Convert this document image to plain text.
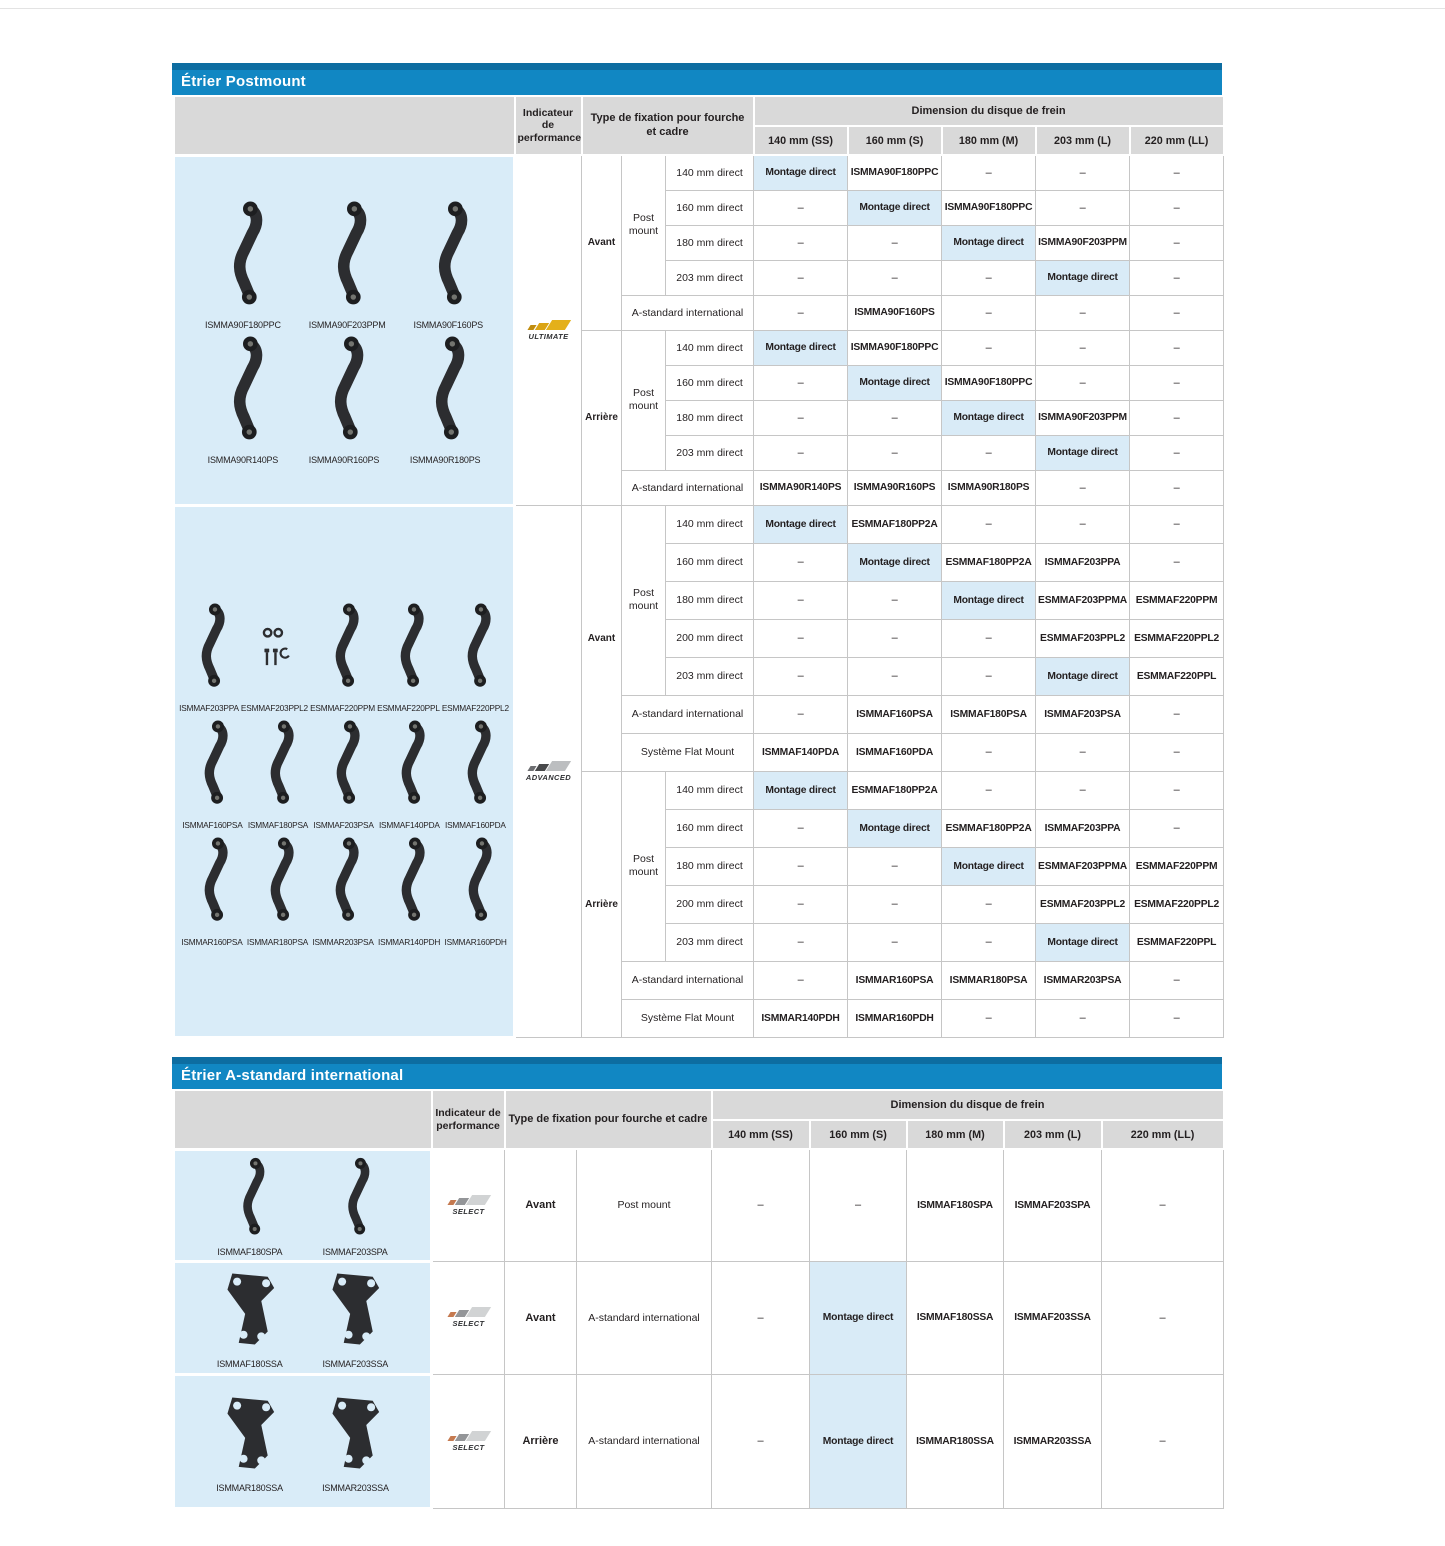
Étrier Postmount
	Indicateur de performance	Type de fixation pour fourche et cadre			Dimension du disque de frein				
					140 mm (SS)	160 mm (S)	180 mm (M)	203 mm (L)	220 mm (LL)

ISMMA90F180PPC	ISMMA90F203PPM	ISMMA90F160PS
ISMMA90R140PS	ISMMA90R160PS	ISMMA90R180PS

ULTIMATE
	Avant	Post mount	140 mm direct	Montage direct	ISMMA90F180PPC	–	–	–
				160 mm direct	–	Montage direct	ISMMA90F180PPC	–	–
				180 mm direct	–	–	Montage direct	ISMMA90F203PPM	–
				203 mm direct	–	–	–	Montage direct	–
			A-standard international		–	ISMMA90F160PS	–	–	–
		Arrière	Post mount	140 mm direct	Montage direct	ISMMA90F180PPC	–	–	–
				160 mm direct	–	Montage direct	ISMMA90F180PPC	–	–
				180 mm direct	–	–	Montage direct	ISMMA90F203PPM	–
				203 mm direct	–	–	–	Montage direct	–
			A-standard international		ISMMA90R140PS	ISMMA90R160PS	ISMMA90R180PS	–	–

ISMMAF203PPA ESMMAF203PPL2 ESMMAF220PPM ESMMAF220PPL ESMMAF220PPL2
ISMMAF160PSA ISMMAF180PSA ISMMAF203PSA ISMMAF140PDA ISMMAF160PDA
ISMMAR160PSA ISMMAR180PSA ISMMAR203PSA ISMMAR140PDH ISMMAR160PDH

ADVANCED
	Avant	Post mount	140 mm direct	Montage direct	ESMMAF180PP2A	–	–	–
				160 mm direct	–	Montage direct	ESMMAF180PP2A	ISMMAF203PPA	–
				180 mm direct	–	–	Montage direct	ESMMAF203PPMA	ESMMAF220PPM
				200 mm direct	–	–	–	ESMMAF203PPL2	ESMMAF220PPL2
				203 mm direct	–	–	–	Montage direct	ESMMAF220PPL
			A-standard international		–	ISMMAF160PSA	ISMMAF180PSA	ISMMAF203PSA	–
			Système Flat Mount		ISMMAF140PDA	ISMMAF160PDA	–	–	–
		Arrière	Post mount	140 mm direct	Montage direct	ESMMAF180PP2A	–	–	–
				160 mm direct	–	Montage direct	ESMMAF180PP2A	ISMMAF203PPA	–
				180 mm direct	–	–	Montage direct	ESMMAF203PPMA	ESMMAF220PPM
				200 mm direct	–	–	–	ESMMAF203PPL2	ESMMAF220PPL2
				203 mm direct	–	–	–	Montage direct	ESMMAF220PPL
			A-standard international		–	ISMMAR160PSA	ISMMAR180PSA	ISMMAR203PSA	–
			Système Flat Mount		ISMMAR140PDH	ISMMAR160PDH	–	–	–
Étrier A-standard international
	Indicateur de performance	Type de fixation pour fourche et cadre		Dimension du disque de frein				
				140 mm (SS)	160 mm (S)	180 mm (M)	203 mm (L)	220 mm (LL)

ISMMAF180SPA ISMMAF203SPA	SELECT	Avant	Post mount	–	–	ISMMAF180SPA	ISMMAF203SPA	–

ISMMAF180SSA ISMMAF203SSA	SELECT	Avant	A-standard international	–	Montage direct	ISMMAF180SSA	ISMMAF203SSA	–

ISMMAR180SSA ISMMAR203SSA	SELECT	Arrière	A-standard international	–	Montage direct	ISMMAR180SSA	ISMMAR203SSA	–
